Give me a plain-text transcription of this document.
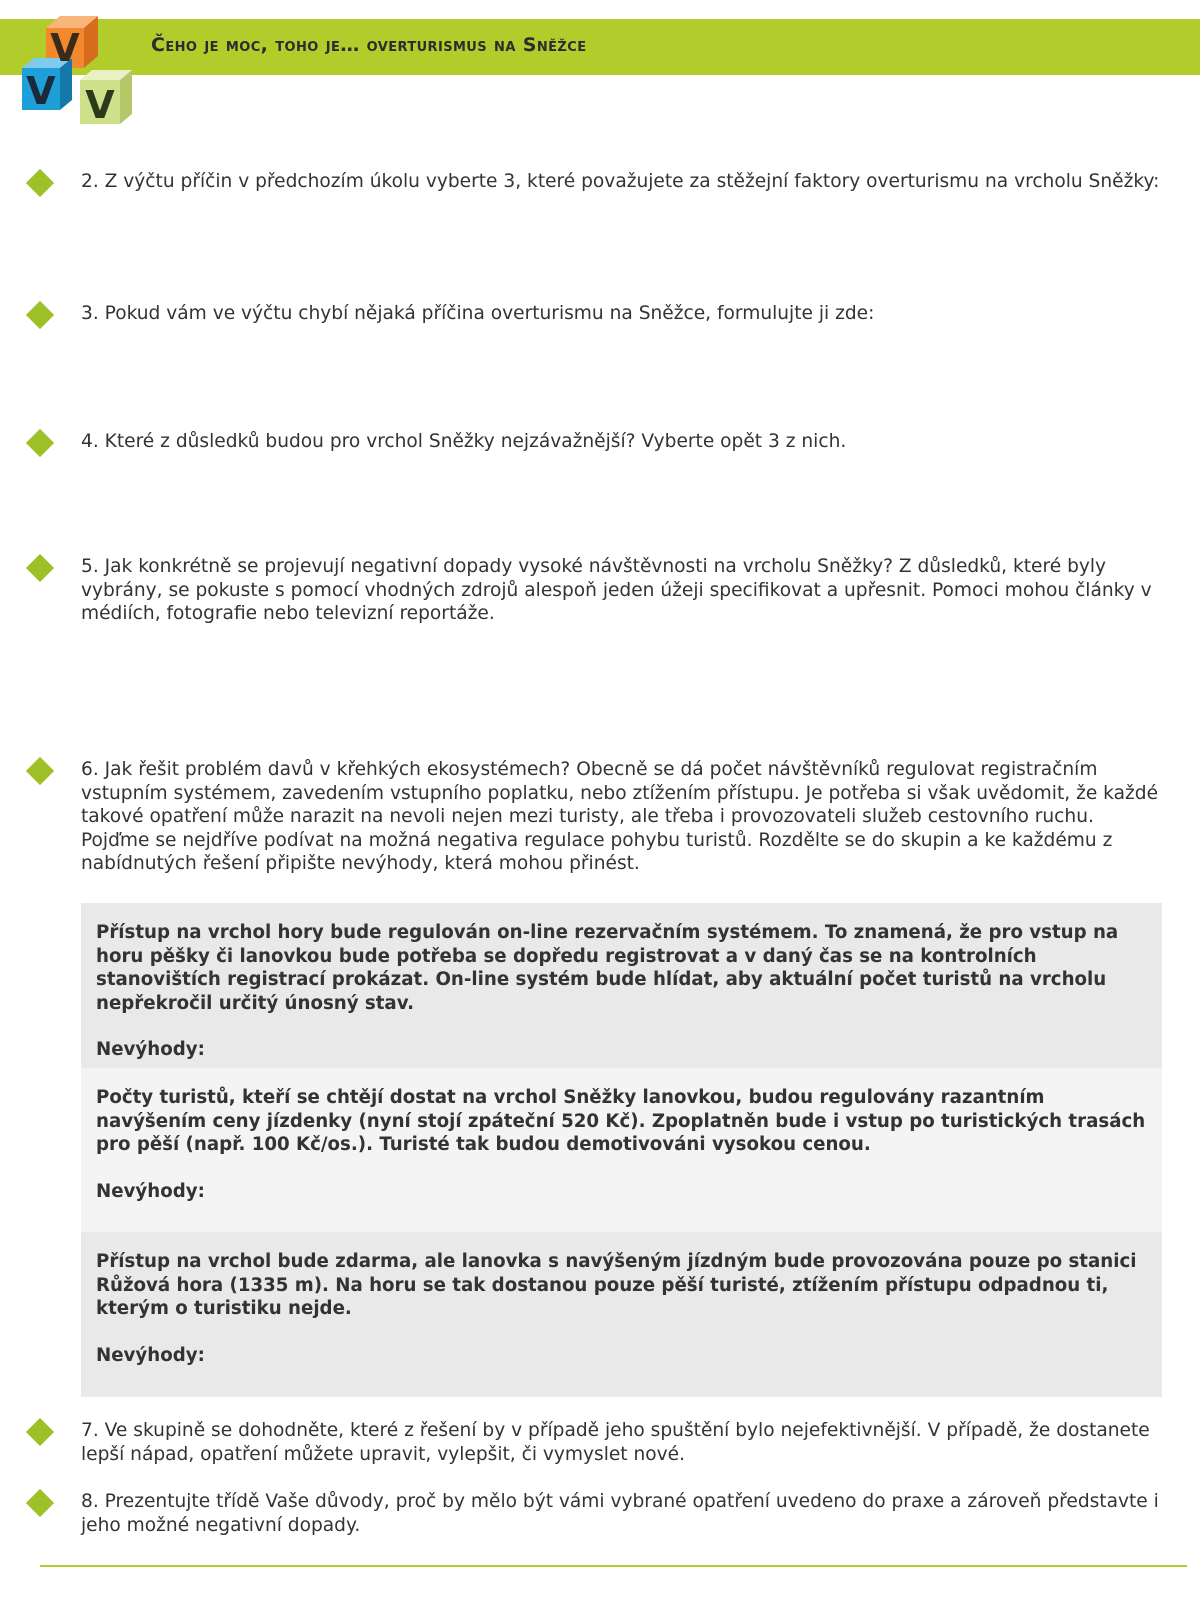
Čeho je moc, toho je… overturismus na Sněžce
V
V V
2. Z výčtu příčin v předchozím úkolu vyberte 3, které považujete za stěžejní faktory overturismu na vrcholu Sněžky:
3. Pokud vám ve výčtu chybí nějaká příčina overturismu na Sněžce, formulujte ji zde:
4. Které z důsledků budou pro vrchol Sněžky nejzávažnější? Vyberte opět 3 z nich.
5. Jak konkrétně se projevují negativní dopady vysoké návštěvnosti na vrcholu Sněžky? Z důsledků, které byly vybrány, se pokuste s pomocí vhodných zdrojů alespoň jeden úžeji specifikovat a upřesnit. Pomoci mohou články v médiích, fotografie nebo televizní reportáže.
6. Jak řešit problém davů v křehkých ekosystémech? Obecně se dá počet návštěvníků regulovat registračním vstupním systémem, zavedením vstupního poplatku, nebo ztížením přístupu. Je potřeba si však uvědomit, že každé takové opatření může narazit na nevoli nejen mezi turisty, ale třeba i provozovateli služeb cestovního ruchu. Pojďme se nejdříve podívat na možná negativa regulace pohybu turistů. Rozdělte se do skupin a ke každému z nabídnutých řešení připište nevýhody, která mohou přinést.

Přístup na vrchol hory bude regulován on-line rezervačním systémem. To znamená, že pro vstup na horu pěšky či lanovkou bude potřeba se dopředu registrovat a v daný čas se na kontrolních stanovištích registrací prokázat. On-line systém bude hlídat, aby aktuální počet turistů na vrcholu nepřekročil určitý únosný stav.

Nevýhody:

Počty turistů, kteří se chtějí dostat na vrchol Sněžky lanovkou, budou regulovány razantním navýšením ceny jízdenky (nyní stojí zpáteční 520 Kč). Zpoplatněn bude i vstup po turistických trasách pro pěší (např. 100 Kč/os.). Turisté tak budou demotivováni vysokou cenou.

Nevýhody:

Přístup na vrchol bude zdarma, ale lanovka s navýšeným jízdným bude provozována pouze po stanici Růžová hora (1335 m). Na horu se tak dostanou pouze pěší turisté, ztížením přístupu odpadnou ti, kterým o turistiku nejde.

Nevýhody:

7. Ve skupině se dohodněte, které z řešení by v případě jeho spuštění bylo nejefektivnější. V případě, že dostanete lepší nápad, opatření můžete upravit, vylepšit, či vymyslet nové.
8. Prezentujte třídě Vaše důvody, proč by mělo být vámi vybrané opatření uvedeno do praxe a zároveň představte i jeho možné negativní dopady.
